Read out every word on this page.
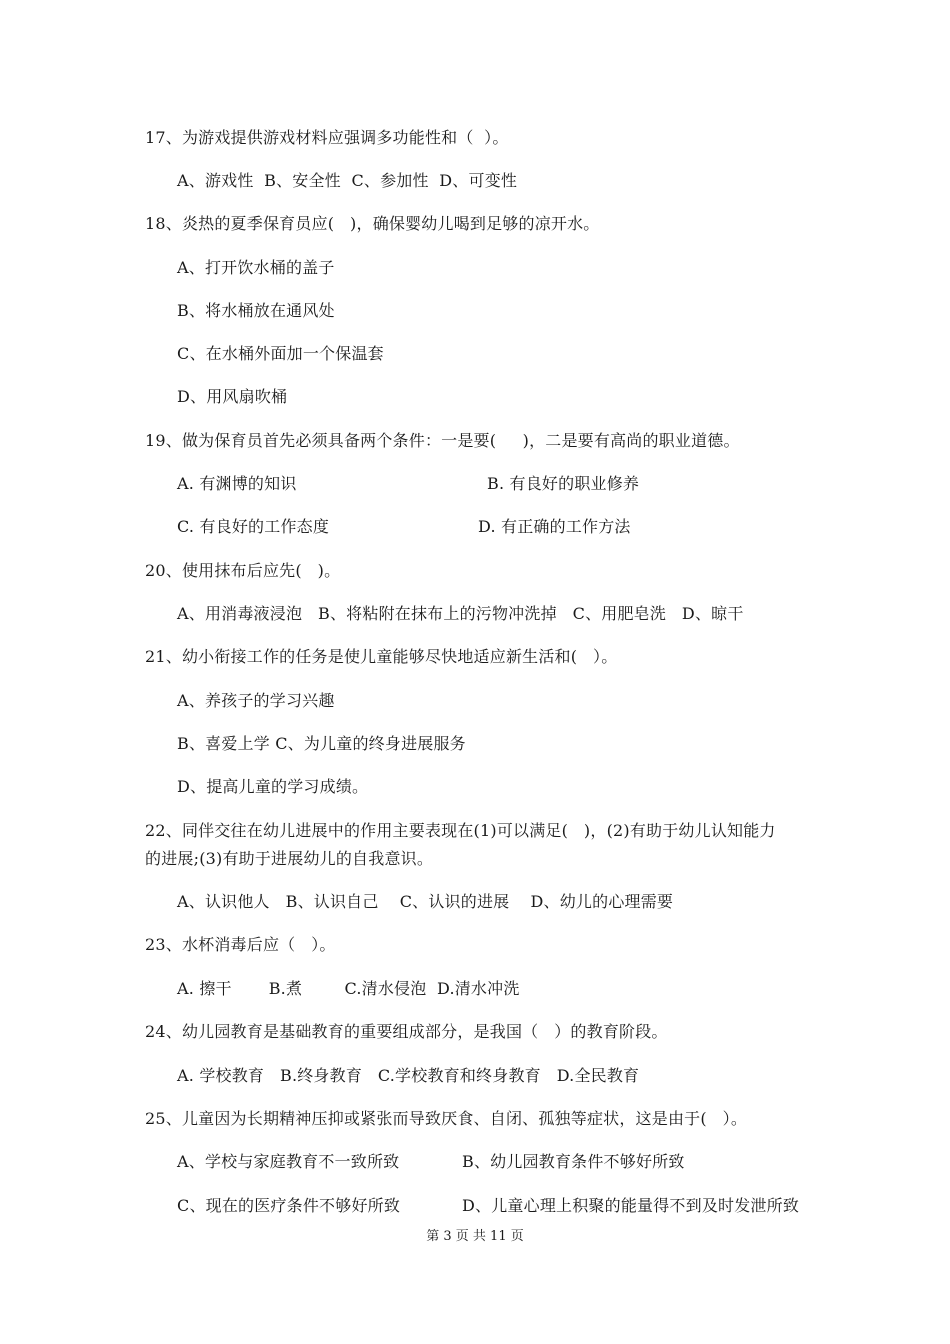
17、为游戏提供游戏材料应强调多功能性和（  ）。
A、游戏性  B、安全性  C、参加性  D、可变性
18、炎热的夏季保育员应(   )，确保婴幼儿喝到足够的凉开水。
A、打开饮水桶的盖子
B、将水桶放在通风处
C、在水桶外面加一个保温套
D、用风扇吹桶
19、做为保育员首先必须具备两个条件：一是要(     )，二是要有高尚的职业道德。
A. 有渊博的知识	B. 有良好的职业修养
C. 有良好的工作态度	D. 有正确的工作方法
20、使用抹布后应先(   )。
A、用消毒液浸泡   B、将粘附在抹布上的污物冲洗掉   C、用肥皂洗   D、晾干
21、幼小衔接工作的任务是使儿童能够尽快地适应新生活和(   ）。
A、养孩子的学习兴趣
B、喜爱上学 C、为儿童的终身进展服务
D、提高儿童的学习成绩。
22、同伴交往在幼儿进展中的作用主要表现在(1)可以满足(   )，(2)有助于幼儿认知能力
的进展;(3)有助于进展幼儿的自我意识。
A、认识他人   B、认识自己    C、认识的进展    D、幼儿的心理需要
23、水杯消毒后应（   ）。
A. 擦干       B.煮        C.清水侵泡  D.清水冲洗
24、幼儿园教育是基础教育的重要组成部分，是我国（   ）的教育阶段。
A. 学校教育   B.终身教育   C.学校教育和终身教育   D.全民教育
25、儿童因为长期精神压抑或紧张而导致厌食、自闭、孤独等症状，这是由于(   ）。
A、学校与家庭教育不一致所致	B、幼儿园教育条件不够好所致
C、现在的医疗条件不够好所致	D、儿童心理上积聚的能量得不到及时发泄所致
第 3 页 共 11 页
